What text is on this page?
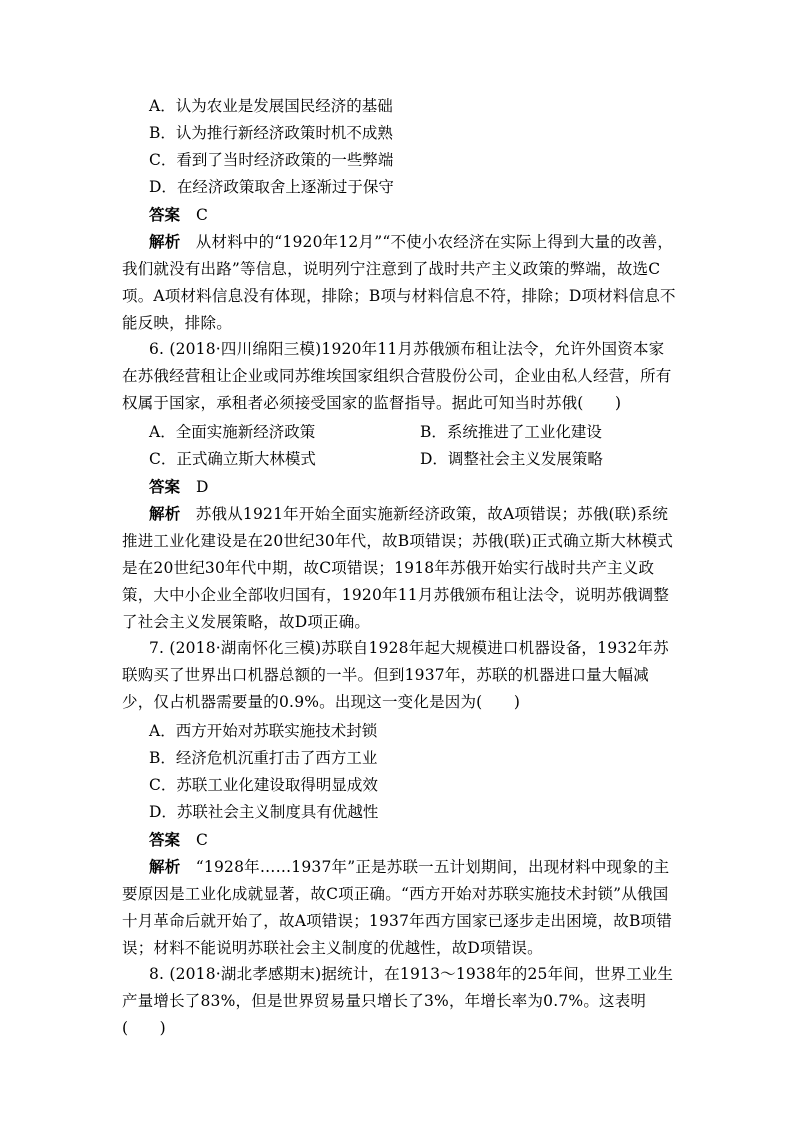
A．认为农业是发展国民经济的基础
B．认为推行新经济政策时机不成熟
C．看到了当时经济政策的一些弊端
D．在经济政策取舍上逐渐过于保守
答案 C
解析 从材料中的“1920年12月”“不使小农经济在实际上得到大量的改善，我们就没有出路”等信息，说明列宁注意到了战时共产主义政策的弊端，故选C项。A项材料信息没有体现，排除；B项与材料信息不符，排除；D项材料信息不能反映，排除。
6. (2018·四川绵阳三模)1920年11月苏俄颁布租让法令，允许外国资本家在苏俄经营租让企业或同苏维埃国家组织合营股份公司，企业由私人经营，所有权属于国家，承租者必须接受国家的监督指导。据此可知当时苏俄(　　)
A．全面实施新经济政策	B．系统推进了工业化建设
C．正式确立斯大林模式	D．调整社会主义发展策略
答案 D
解析 苏俄从1921年开始全面实施新经济政策，故A项错误；苏俄(联)系统推进工业化建设是在20世纪30年代，故B项错误；苏俄(联)正式确立斯大林模式是在20世纪30年代中期，故C项错误；1918年苏俄开始实行战时共产主义政策，大中小企业全部收归国有，1920年11月苏俄颁布租让法令，说明苏俄调整了社会主义发展策略，故D项正确。
7. (2018·湖南怀化三模)苏联自1928年起大规模进口机器设备，1932年苏联购买了世界出口机器总额的一半。但到1937年，苏联的机器进口量大幅减少，仅占机器需要量的0.9%。出现这一变化是因为(　　)
A．西方开始对苏联实施技术封锁
B．经济危机沉重打击了西方工业
C．苏联工业化建设取得明显成效
D．苏联社会主义制度具有优越性
答案 C
解析 “1928年……1937年”正是苏联一五计划期间，出现材料中现象的主要原因是工业化成就显著，故C项正确。“西方开始对苏联实施技术封锁”从俄国十月革命后就开始了，故A项错误；1937年西方国家已逐步走出困境，故B项错误；材料不能说明苏联社会主义制度的优越性，故D项错误。
8. (2018·湖北孝感期末)据统计，在1913～1938年的25年间，世界工业生产量增长了83%，但是世界贸易量只增长了3%，年增长率为0.7%。这表明(　　)
